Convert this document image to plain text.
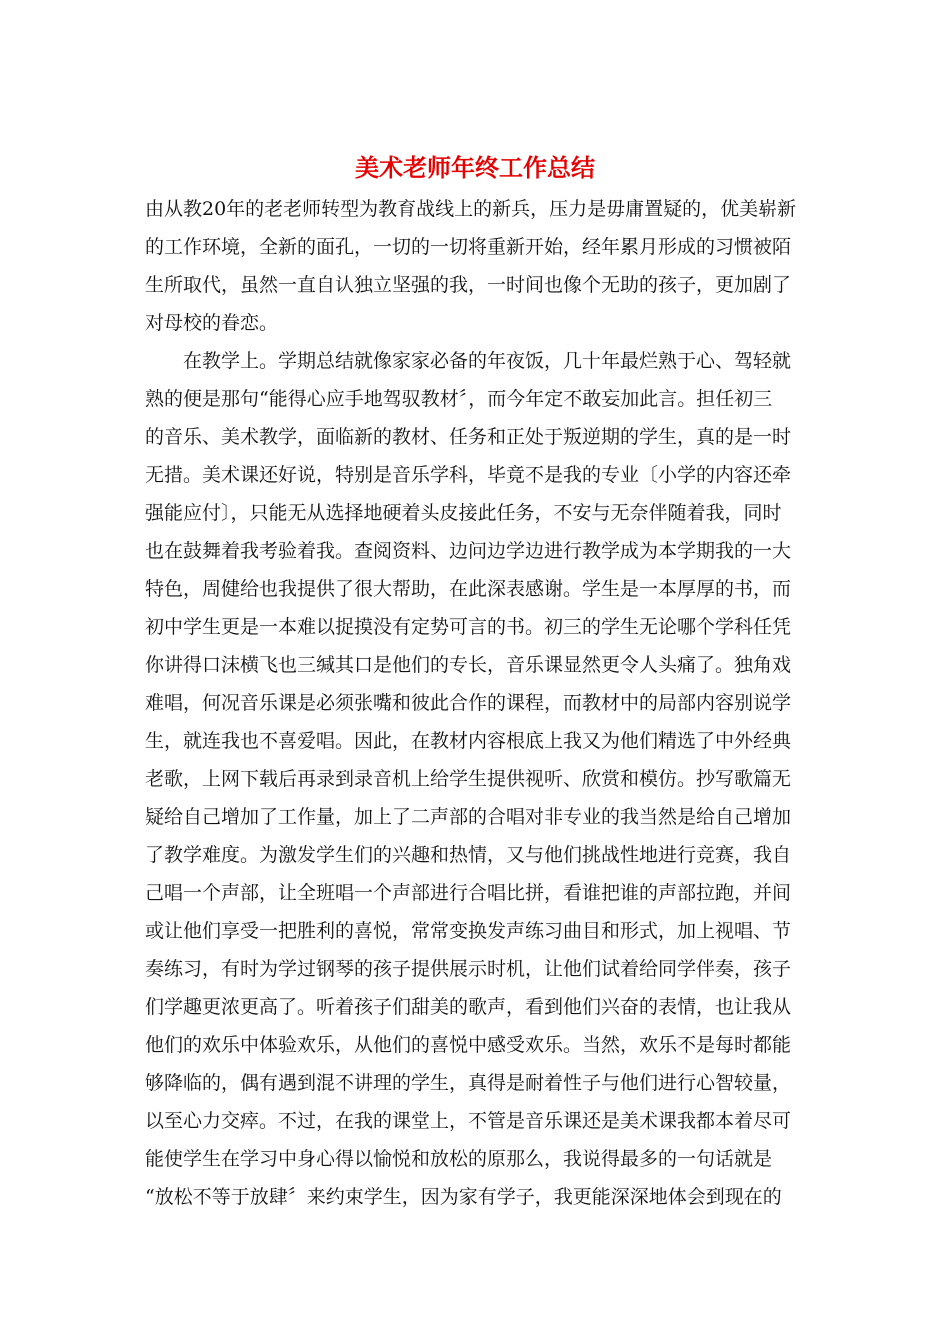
美术老师年终工作总结

由从教20年的老老师转型为教育战线上的新兵，压力是毋庸置疑的，优美崭新
的工作环境，全新的面孔，一切的一切将重新开始，经年累月形成的习惯被陌
生所取代，虽然一直自认独立坚强的我，一时间也像个无助的孩子，更加剧了
对母校的眷恋。

　　在教学上。学期总结就像家家必备的年夜饭，几十年最烂熟于心、驾轻就
熟的便是那句“能得心应手地驾驭教材〞，而今年定不敢妄加此言。担任初三
的音乐、美术教学，面临新的教材、任务和正处于叛逆期的学生，真的是一时
无措。美术课还好说，特别是音乐学科，毕竟不是我的专业〔小学的内容还牵
强能应付〕，只能无从选择地硬着头皮接此任务，不安与无奈伴随着我，同时
也在鼓舞着我考验着我。查阅资料、边问边学边进行教学成为本学期我的一大
特色，周健给也我提供了很大帮助，在此深表感谢。学生是一本厚厚的书，而
初中学生更是一本难以捉摸没有定势可言的书。初三的学生无论哪个学科任凭
你讲得口沫横飞也三缄其口是他们的专长，音乐课显然更令人头痛了。独角戏
难唱，何况音乐课是必须张嘴和彼此合作的课程，而教材中的局部内容别说学
生，就连我也不喜爱唱。因此，在教材内容根底上我又为他们精选了中外经典
老歌，上网下载后再录到录音机上给学生提供视听、欣赏和模仿。抄写歌篇无
疑给自己增加了工作量，加上了二声部的合唱对非专业的我当然是给自己增加
了教学难度。为激发学生们的兴趣和热情，又与他们挑战性地进行竞赛，我自
己唱一个声部，让全班唱一个声部进行合唱比拼，看谁把谁的声部拉跑，并间
或让他们享受一把胜利的喜悦，常常变换发声练习曲目和形式，加上视唱、节
奏练习，有时为学过钢琴的孩子提供展示时机，让他们试着给同学伴奏，孩子
们学趣更浓更高了。听着孩子们甜美的歌声，看到他们兴奋的表情，也让我从
他们的欢乐中体验欢乐，从他们的喜悦中感受欢乐。当然，欢乐不是每时都能
够降临的，偶有遇到混不讲理的学生，真得是耐着性子与他们进行心智较量，
以至心力交瘁。不过，在我的课堂上，不管是音乐课还是美术课我都本着尽可
能使学生在学习中身心得以愉悦和放松的原那么，我说得最多的一句话就是
“放松不等于放肆〞来约束学生，因为家有学子，我更能深深地体会到现在的
